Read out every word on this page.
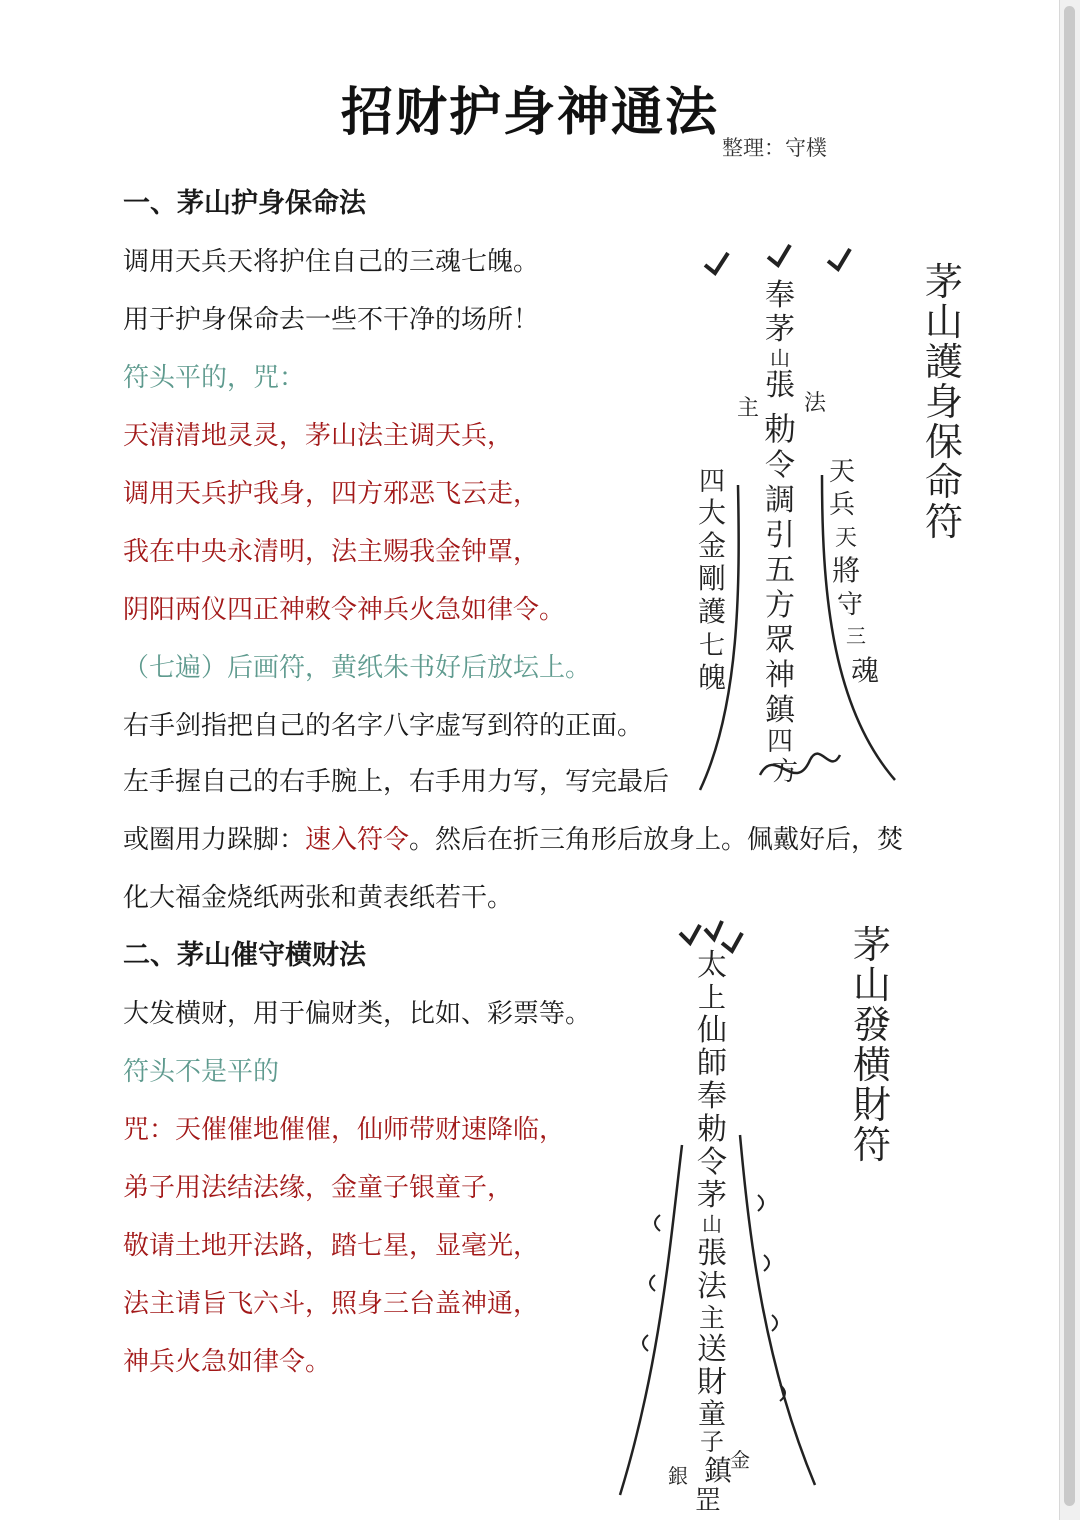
招财护身神通法
整理：守樸
一、茅山护身保命法
调用天兵天将护住自己的三魂七魄。
用于护身保命去一些不干净的场所！
符头平的，咒：
天清清地灵灵，茅山法主调天兵，
调用天兵护我身，四方邪恶飞云走，
我在中央永清明，法主赐我金钟罩，
阴阳两仪四正神敕令神兵火急如律令。
（七遍）后画符，黄纸朱书好后放坛上。
右手剑指把自己的名字八字虚写到符的正面。
左手握自己的右手腕上，右手用力写，写完最后
或圈用力跺脚：速入符令。然后在折三角形后放身上。佩戴好后，焚
化大福金烧纸两张和黄表纸若干。
二、茅山催守横财法
大发横财，用于偏财类，比如、彩票等。
符头不是平的
咒：天催催地催催，仙师带财速降临，
弟子用法结法缘，金童子银童子，
敬请土地开法路，踏七星，显毫光，
法主请旨飞六斗，照身三台盖神通，
神兵火急如律令。
茅山護身保命符
奉
茅
山
張
主 法
勅
令
調
引
五
方
眾
神
鎮
四
方
四
大
金
剛
護
七
魄
天
兵
天
將
守
三
魂
茅山發横財符
太
上
仙
師
奉
勅
令
茅
山
張
法
主
送
財
童
子
鎮
銀
金
罡
